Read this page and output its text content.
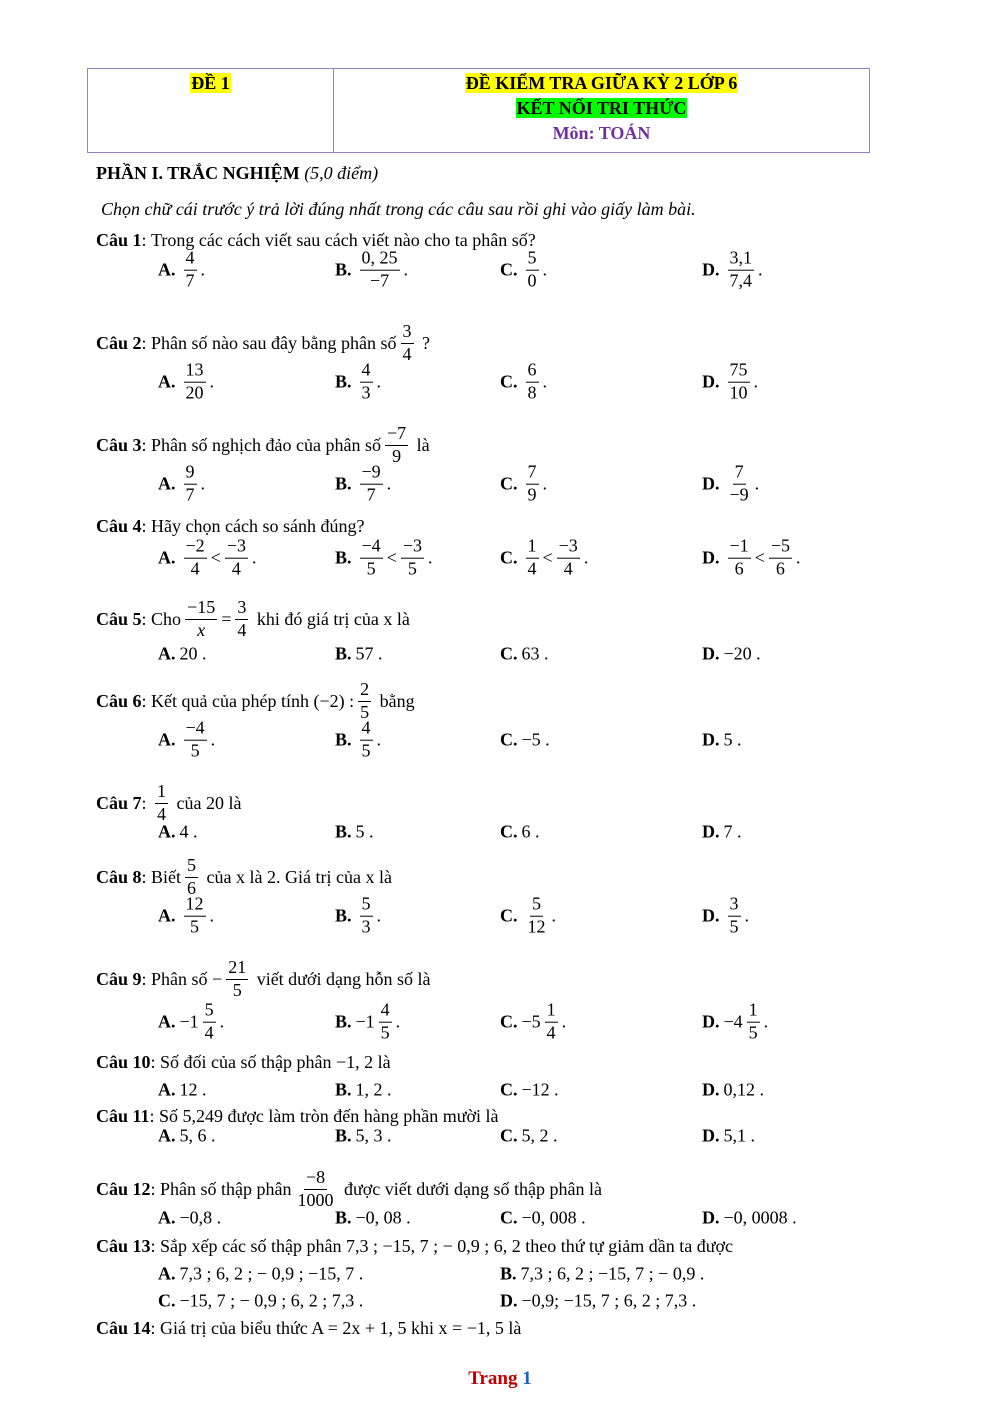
ĐỀ 1	ĐỀ KIỂM TRA GIỮA KỲ 2 LỚP 6
KẾT NỐI TRI THỨC
Môn: TOÁN
PHẦN I. TRẮC NGHIỆM
(5,0 điểm)
Chọn chữ cái trước ý trả lời đúng nhất trong các câu sau rồi ghi vào giấy làm bài.
Câu 1 : Trong các cách viết sau cách viết nào cho ta phân số?
A. $\frac{4}{7}$ .	B. $\frac{0, 25}{-7}$ .	C. $\frac{5}{0}$ .	D. $\frac{3,1}{7,4}$ .
Câu 2 : Phân số nào sau đây bằng phân số $\frac{3}{4}$ ?
A. $\frac{13}{20}$ .	B. $\frac{4}{3}$ .	C. $\frac{6}{8}$ .	D. $\frac{75}{10}$ .
Câu 3 : Phân số nghịch đảo của phân số $\frac{-7}{9}$ là
A. $\frac{9}{7}$ .	B. $\frac{-9}{7}$ .	C. $\frac{7}{9}$ .	D. $\frac{7}{-9}$ .
Câu 4 : Hãy chọn cách so sánh đúng?
A. $\frac{-2}{4} < \frac{-3}{4}$ .	B. $\frac{-4}{5} < \frac{-3}{5}$ .	C. $\frac{1}{4} < \frac{-3}{4}$ .	D. $\frac{-1}{6} < \frac{-5}{6}$ .
Câu 5 : Cho $\frac{-15}{x} = \frac{3}{4}$ khi đó giá trị của x là
A. 20 .	B. 57 .	C. 63 .	D. −20 .
Câu 6 : Kết quả của phép tính (−2) : $\frac{2}{5}$ bằng
A. $\frac{-4}{5}$ .	B. $\frac{4}{5}$ .	C. −5 .	D. 5 .
Câu 7 : $\frac{1}{4}$ của 20 là
A. 4 .	B. 5 .	C. 6 .	D. 7 .
Câu 8 : Biết $\frac{5}{6}$ của x là 2. Giá trị của x là
A. $\frac{12}{5}$ .	B. $\frac{5}{3}$ .	C. $\frac{5}{12}$ .	D. $\frac{3}{5}$ .
Câu 9 : Phân số − $\frac{21}{5}$ viết dưới dạng hỗn số là
A. $-1 \frac{5}{4}$ .	B. $-1 \frac{4}{5}$ .	C. $-5 \frac{1}{4}$ .	D. $-4 \frac{1}{5}$ .
Câu 10 : Số đối của số thập phân −1, 2 là
A. 12 .	B. 1, 2 .	C. −12 .	D. 0,12 .
Câu 11 : Số 5,249 được làm tròn đến hàng phần mười là
A. 5, 6 .	B. 5, 3 .	C. 5, 2 .	D. 5,1 .
Câu 12 : Phân số thập phân $\frac{-8}{1000}$ được viết dưới dạng số thập phân là
A. −0,8 .	B. −0, 08 .	C. −0, 008 .	D. −0, 0008 .
Câu 13 : Sắp xếp các số thập phân 7,3 ; −15, 7 ; − 0,9 ; 6, 2 theo thứ tự giảm dần ta được
A. 7,3 ; 6, 2 ; − 0,9 ; −15, 7 .	B. 7,3 ; 6, 2 ; −15, 7 ; − 0,9 .
C. −15, 7 ; − 0,9 ; 6, 2 ; 7,3 .	D. −0,9; −15, 7 ; 6, 2 ; 7,3 .
Câu 14 : Giá trị của biểu thức A = 2x + 1, 5 khi x = −1, 5 là
Trang 1
